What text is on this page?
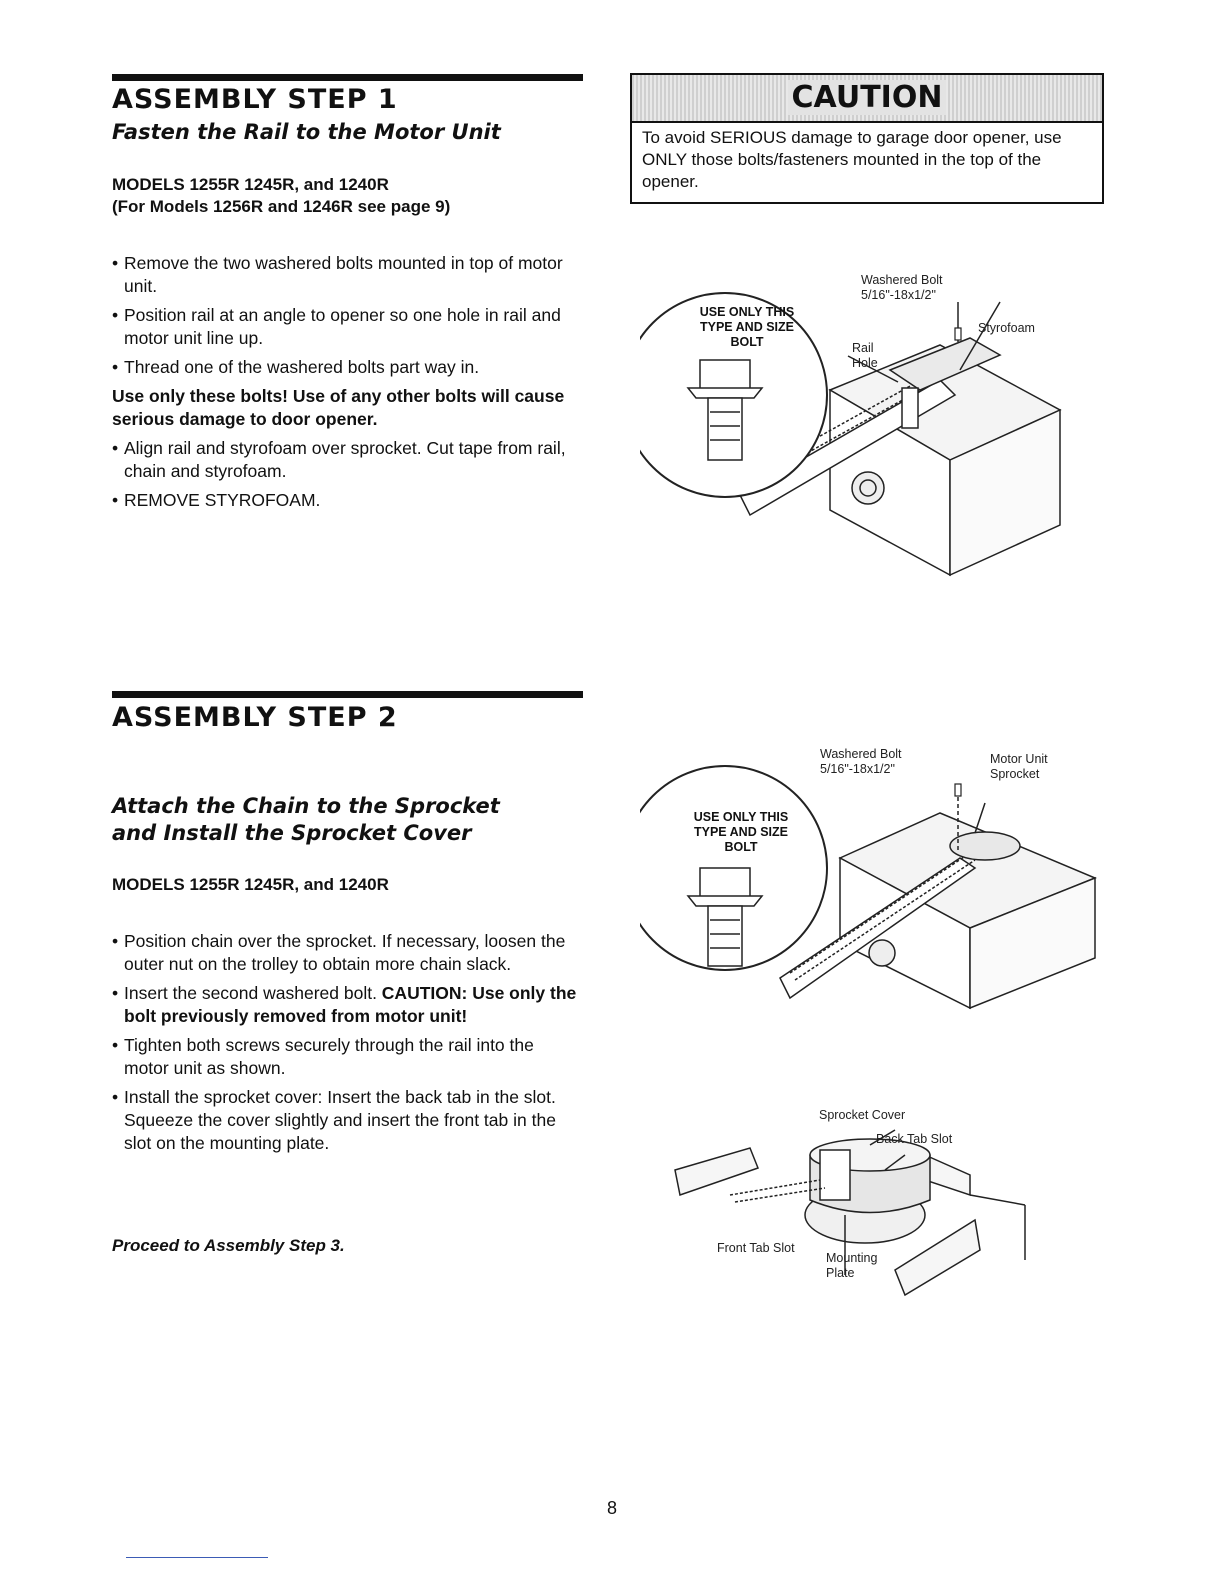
ASSEMBLY STEP 1
Fasten the Rail to the Motor Unit
MODELS 1255R 1245R, and 1240R
(For Models 1256R and 1246R see page 9)
• Remove the two washered bolts mounted in top of motor unit.
• Position rail at an angle to opener so one hole in rail and motor unit line up.
• Thread one of the washered bolts part way in.
Use only these bolts! Use of any other bolts will cause serious damage to door opener.
• Align rail and styrofoam over sprocket. Cut tape from rail, chain and styrofoam.
• REMOVE STYROFOAM.
CAUTION
To avoid SERIOUS damage to garage door opener, use ONLY those bolts/fasteners mounted in the top of the opener.
USE ONLY THIS
TYPE AND SIZE
BOLT
Washered Bolt
5/16"-18x1/2"
Styrofoam
Rail
Hole
ASSEMBLY STEP 2
Attach the Chain to the Sprocket
and Install the Sprocket Cover
MODELS 1255R 1245R, and 1240R
• Position chain over the sprocket. If necessary, loosen the outer nut on the trolley to obtain more chain slack.
• Insert the second washered bolt. CAUTION: Use only the bolt previously removed from motor unit!
• Tighten both screws securely through the rail into the motor unit as shown.
• Install the sprocket cover: Insert the back tab in the slot. Squeeze the cover slightly and insert the front tab in the slot on the mounting plate.
Proceed to Assembly Step 3.
USE ONLY THIS
TYPE AND SIZE
BOLT
Washered Bolt
5/16"-18x1/2"
Motor Unit
Sprocket
Sprocket Cover
Back Tab Slot
Front Tab Slot
Mounting
Plate
8
